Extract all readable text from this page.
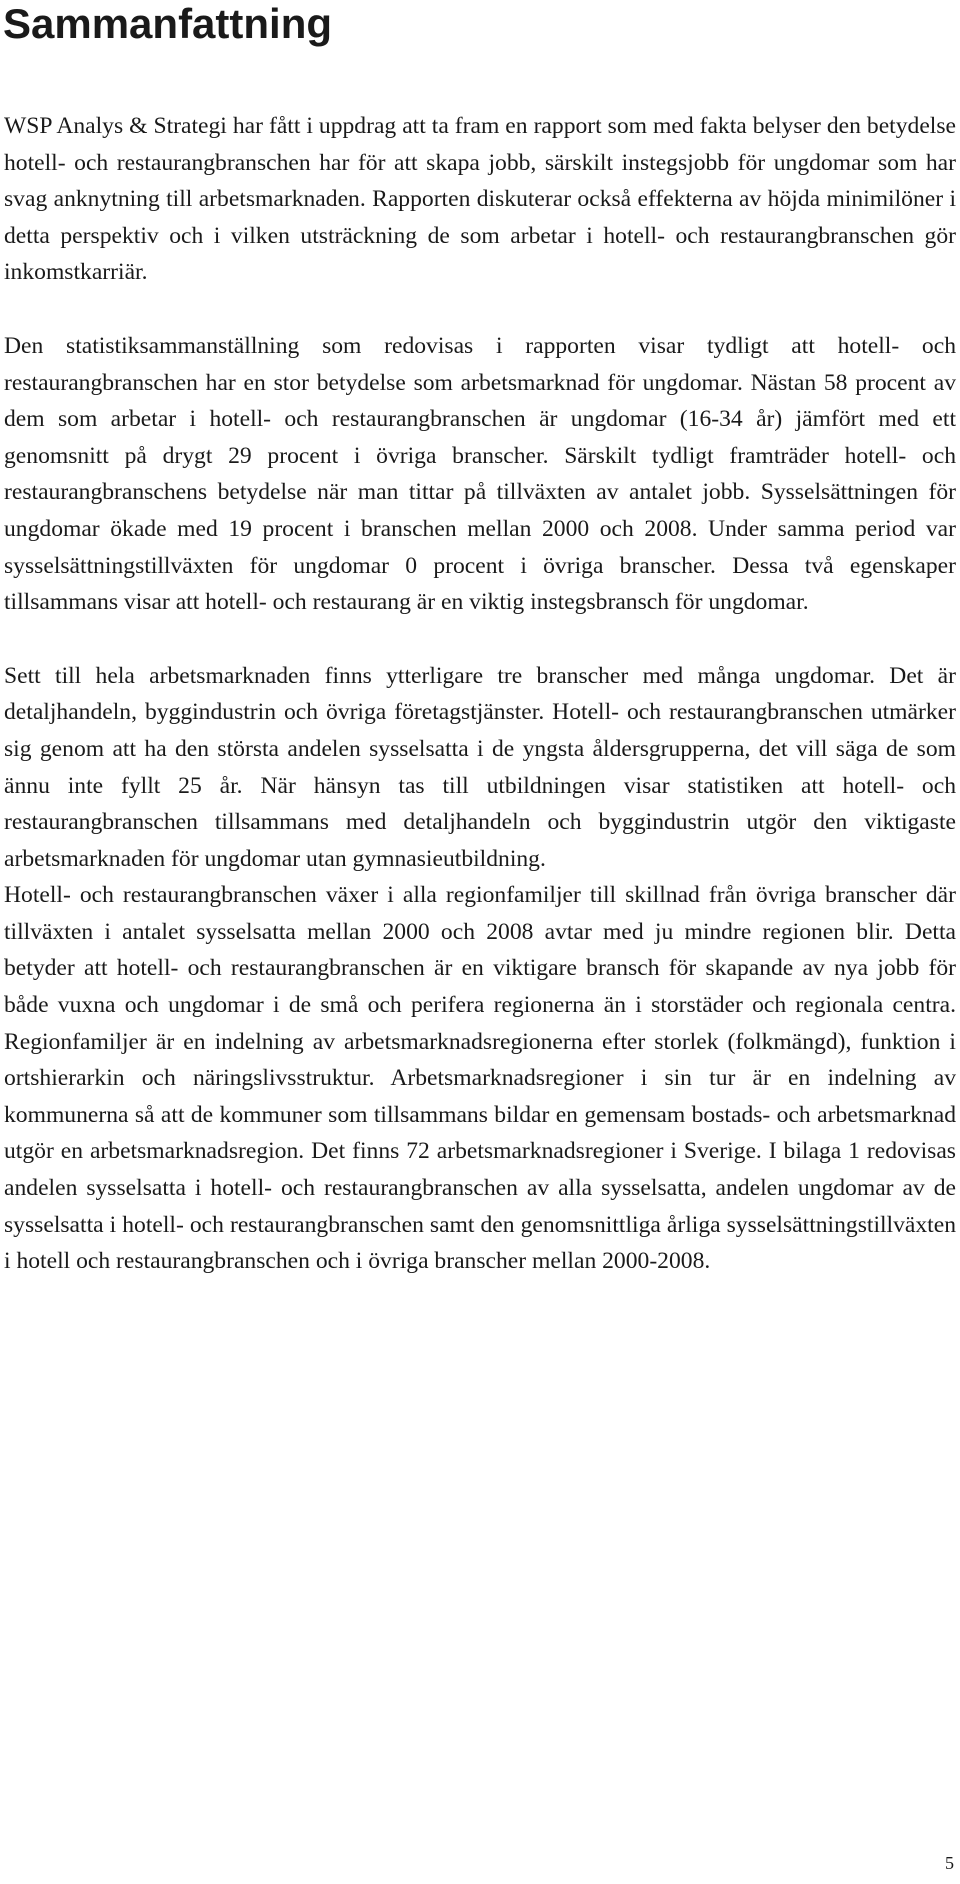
Sammanfattning

WSP Analys & Strategi har fått i uppdrag att ta fram en rapport som med fakta belyser den betydelse hotell- och restaurangbranschen har för att skapa jobb, särskilt instegsjobb för ungdomar som har svag anknytning till arbetsmarknaden. Rapporten diskuterar också effekterna av höjda minimilöner i detta perspektiv och i vilken utsträckning de som arbetar i hotell- och restaurangbranschen gör inkomstkarriär.

Den statistiksammanställning som redovisas i rapporten visar tydligt att hotell- och restaurangbranschen har en stor betydelse som arbetsmarknad för ungdomar. Nästan 58 procent av dem som arbetar i hotell- och restaurangbranschen är ungdomar (16-34 år) jämfört med ett genomsnitt på drygt 29 procent i övriga branscher. Särskilt tydligt framträder hotell- och restaurangbranschens betydelse när man tittar på tillväxten av antalet jobb. Sysselsättningen för ungdomar ökade med 19 procent i branschen mellan 2000 och 2008. Under samma period var sysselsättningstillväxten för ungdomar 0 procent i övriga branscher. Dessa två egenskaper tillsammans visar att hotell- och restaurang är en viktig instegsbransch för ungdomar.

Sett till hela arbetsmarknaden finns ytterligare tre branscher med många ungdomar. Det är detaljhandeln, byggindustrin och övriga företagstjänster. Hotell- och restaurangbranschen utmärker sig genom att ha den största andelen sysselsatta i de yngsta åldersgrupperna, det vill säga de som ännu inte fyllt 25 år. När hänsyn tas till utbildningen visar statistiken att hotell- och restaurangbranschen tillsammans med detaljhandeln och byggindustrin utgör den viktigaste arbetsmarknaden för ungdomar utan gymnasieutbildning.

Hotell- och restaurangbranschen växer i alla regionfamiljer till skillnad från övriga branscher där tillväxten i antalet sysselsatta mellan 2000 och 2008 avtar med ju mindre regionen blir. Detta betyder att hotell- och restaurangbranschen är en viktigare bransch för skapande av nya jobb för både vuxna och ungdomar i de små och perifera regionerna än i storstäder och regionala centra. Regionfamiljer är en indelning av arbetsmarknadsregionerna efter storlek (folkmängd), funktion i ortshierarkin och näringslivsstruktur. Arbetsmarknadsregioner i sin tur är en indelning av kommunerna så att de kommuner som tillsammans bildar en gemensam bostads- och arbetsmarknad utgör en arbetsmarknadsregion. Det finns 72 arbetsmarknadsregioner i Sverige. I bilaga 1 redovisas andelen sysselsatta i hotell- och restaurangbranschen av alla sysselsatta, andelen ungdomar av de sysselsatta i hotell- och restaurangbranschen samt den genomsnittliga årliga sysselsättningstillväxten i hotell och restaurangbranschen och i övriga branscher mellan 2000-2008.

5
